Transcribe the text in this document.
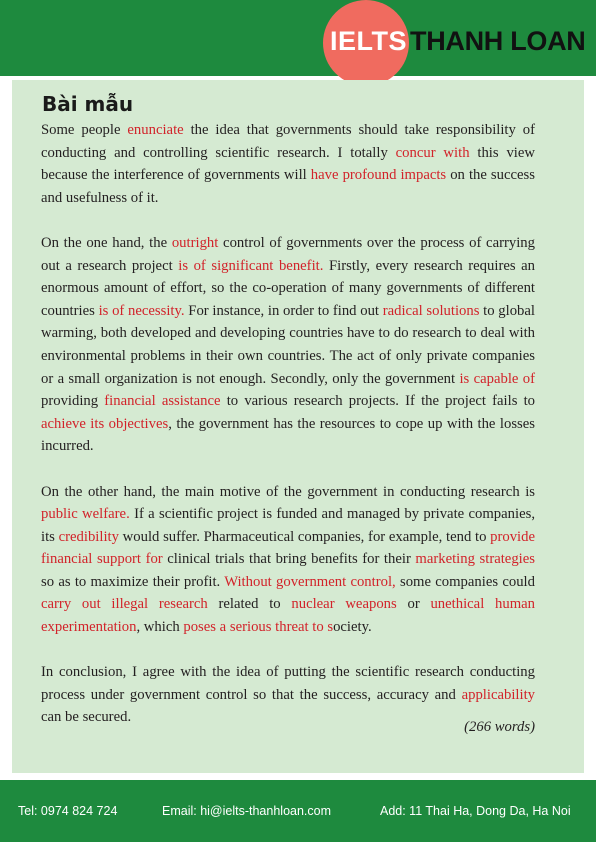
IELTS THANH LOAN
Bài mẫu

Some people enunciate the idea that governments should take responsibility of conducting and controlling scientific research. I totally concur with this view because the interference of governments will have profound impacts on the success and usefulness of it.

On the one hand, the outright control of governments over the process of carrying out a research project is of significant benefit. Firstly, every research requires an enormous amount of effort, so the co-operation of many governments of different countries is of necessity. For instance, in order to find out radical solutions to global warming, both developed and developing countries have to do research to deal with environmental problems in their own countries. The act of only private companies or a small organization is not enough. Secondly, only the government is capable of providing financial assistance to various research projects. If the project fails to achieve its objectives, the government has the resources to cope up with the losses incurred.

On the other hand, the main motive of the government in conducting research is public welfare. If a scientific project is funded and managed by private companies, its credibility would suffer. Pharmaceutical companies, for example, tend to provide financial support for clinical trials that bring benefits for their marketing strategies so as to maximize their profit. Without government control, some companies could carry out illegal research related to nuclear weapons or unethical human experimentation, which poses a serious threat to society.

In conclusion, I agree with the idea of putting the scientific research conducting process under government control so that the success, accuracy and applicability can be secured.

(266 words)
Tel: 0974 824 724	Email: hi@ielts-thanhloan.com	Add: 11 Thai Ha, Dong Da, Ha Noi
